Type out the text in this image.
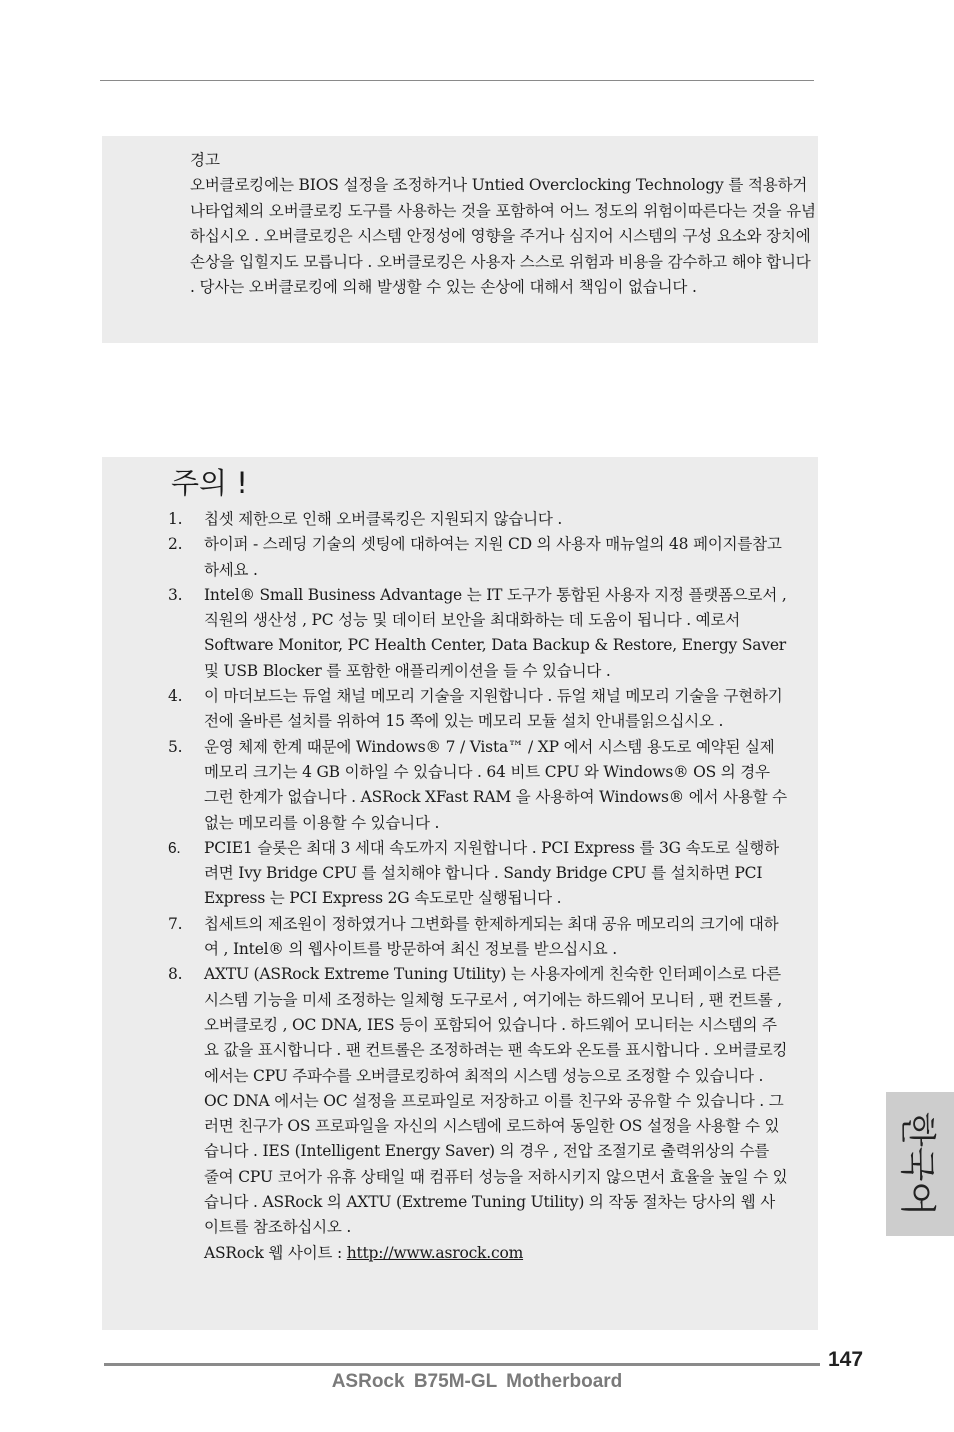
경고
오버클로킹에는 BIOS 설정을 조정하거나 Untied Overclocking Technology 를 적용하거나타업체의 오버클로킹 도구를 사용하는 것을 포함하여 어느 정도의 위험이따른다는 것을 유념하십시오 . 오버클로킹은 시스템 안정성에 영향을 주거나 심지어 시스템의 구성 요소와 장치에 손상을 입힐지도 모릅니다 . 오버클로킹은 사용자 스스로 위험과 비용을 감수하고 해야 합니다 . 당사는 오버클로킹에 의해 발생할 수 있는 손상에 대해서 책임이 없습니다 .
주의 !
1.	칩셋 제한으로 인해 오버클록킹은 지원되지 않습니다 .
2.	하이퍼 - 스레딩 기술의 셋팅에 대하여는 지원 CD 의 사용자 매뉴얼의 48 페이지를참고하세요 .
3.	Intel® Small Business Advantage 는 IT 도구가 통합된 사용자 지정 플랫폼으로서 , 직원의 생산성 , PC 성능 및 데이터 보안을 최대화하는 데 도움이 됩니다 . 예로서 Software Monitor, PC Health Center, Data Backup & Restore, Energy Saver 및 USB Blocker 를 포함한 애플리케이션을 들 수 있습니다 .
4.	이 마더보드는 듀얼 채널 메모리 기술을 지원합니다 . 듀얼 채널 메모리 기술을 구현하기 전에 올바른 설치를 위하여 15 쪽에 있는 메모리 모듈 설치 안내를읽으십시오 .
5.	운영 체제 한계 때문에 Windows® 7 / Vista™ / XP 에서 시스템 용도로 예약된 실제 메모리 크기는 4 GB 이하일 수 있습니다 . 64 비트 CPU 와 Windows® OS 의 경우 그런 한계가 없습니다 . ASRock XFast RAM 을 사용하여 Windows® 에서 사용할 수 없는 메모리를 이용할 수 있습니다 .
6.	PCIE1 슬롯은 최대 3 세대 속도까지 지원합니다 . PCI Express 를 3G 속도로 실행하려면 Ivy Bridge CPU 를 설치해야 합니다 . Sandy Bridge CPU 를 설치하면 PCI Express 는 PCI Express 2G 속도로만 실행됩니다 .
7.	칩세트의 제조원이 정하였거나 그변화를 한제하게되는 최대 공유 메모리의 크기에 대하여 , Intel® 의 웹사이트를 방문하여 최신 정보를 받으십시요 .
8.	AXTU (ASRock Extreme Tuning Utility) 는 사용자에게 친숙한 인터페이스로 다른 시스템 기능을 미세 조정하는 일체형 도구로서 , 여기에는 하드웨어 모니터 , 팬 컨트롤 , 오버클로킹 , OC DNA, IES 등이 포함되어 있습니다 . 하드웨어 모니터는 시스템의 주요 값을 표시합니다 . 팬 컨트롤은 조정하려는 팬 속도와 온도를 표시합니다 . 오버클로킹에서는 CPU 주파수를 오버클로킹하여 최적의 시스템 성능으로 조정할 수 있습니다 . OC DNA 에서는 OC 설정을 프로파일로 저장하고 이를 친구와 공유할 수 있습니다 . 그러면 친구가 OS 프로파일을 자신의 시스템에 로드하여 동일한 OS 설정을 사용할 수 있습니다 . IES (Intelligent Energy Saver) 의 경우 , 전압 조절기로 출력위상의 수를 줄여 CPU 코어가 유휴 상태일 때 컴퓨터 성능을 저하시키지 않으면서 효율을 높일 수 있습니다 . ASRock 의 AXTU (Extreme Tuning Utility) 의 작동 절차는 당사의 웹 사이트를 참조하십시오 .
ASRock 웹 사이트 : http://www.asrock.com
한국어
147
ASRock B75M-GL Motherboard
